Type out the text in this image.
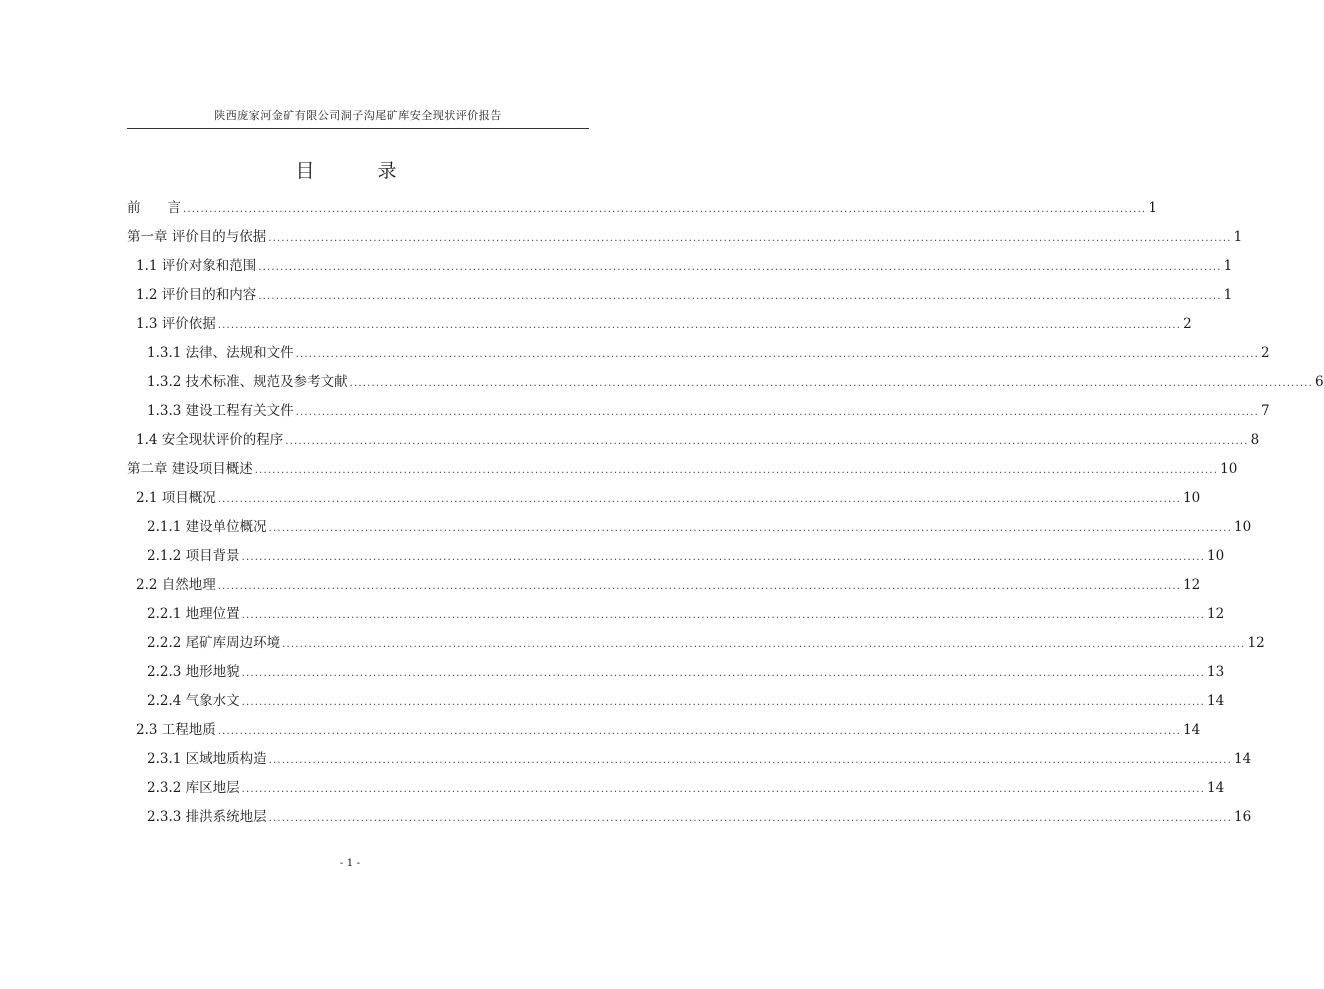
陕西庞家河金矿有限公司洞子沟尾矿库安全现状评价报告
目　录
前　　言 ............................................................................................................................................................................................................................ 1
第一章 评价目的与依据 ............................................................................................................................................................................................................................ 1
1.1 评价对象和范围 ............................................................................................................................................................................................................................ 1
1.2 评价目的和内容 ............................................................................................................................................................................................................................ 1
1.3 评价依据 ............................................................................................................................................................................................................................ 2
1.3.1 法律、法规和文件 ............................................................................................................................................................................................................................ 2
1.3.2 技术标准、规范及参考文献 ............................................................................................................................................................................................................................ 6
1.3.3 建设工程有关文件 ............................................................................................................................................................................................................................ 7
1.4 安全现状评价的程序 ............................................................................................................................................................................................................................ 8
第二章 建设项目概述 ............................................................................................................................................................................................................................ 10
2.1 项目概况 ............................................................................................................................................................................................................................ 10
2.1.1 建设单位概况 ............................................................................................................................................................................................................................ 10
2.1.2 项目背景 ............................................................................................................................................................................................................................ 10
2.2 自然地理 ............................................................................................................................................................................................................................ 12
2.2.1 地理位置 ............................................................................................................................................................................................................................ 12
2.2.2 尾矿库周边环境 ............................................................................................................................................................................................................................ 12
2.2.3 地形地貌 ............................................................................................................................................................................................................................ 13
2.2.4 气象水文 ............................................................................................................................................................................................................................ 14
2.3 工程地质 ............................................................................................................................................................................................................................ 14
2.3.1 区域地质构造 ............................................................................................................................................................................................................................ 14
2.3.2 库区地层 ............................................................................................................................................................................................................................ 14
2.3.3 排洪系统地层 ............................................................................................................................................................................................................................ 16
- 1 -
